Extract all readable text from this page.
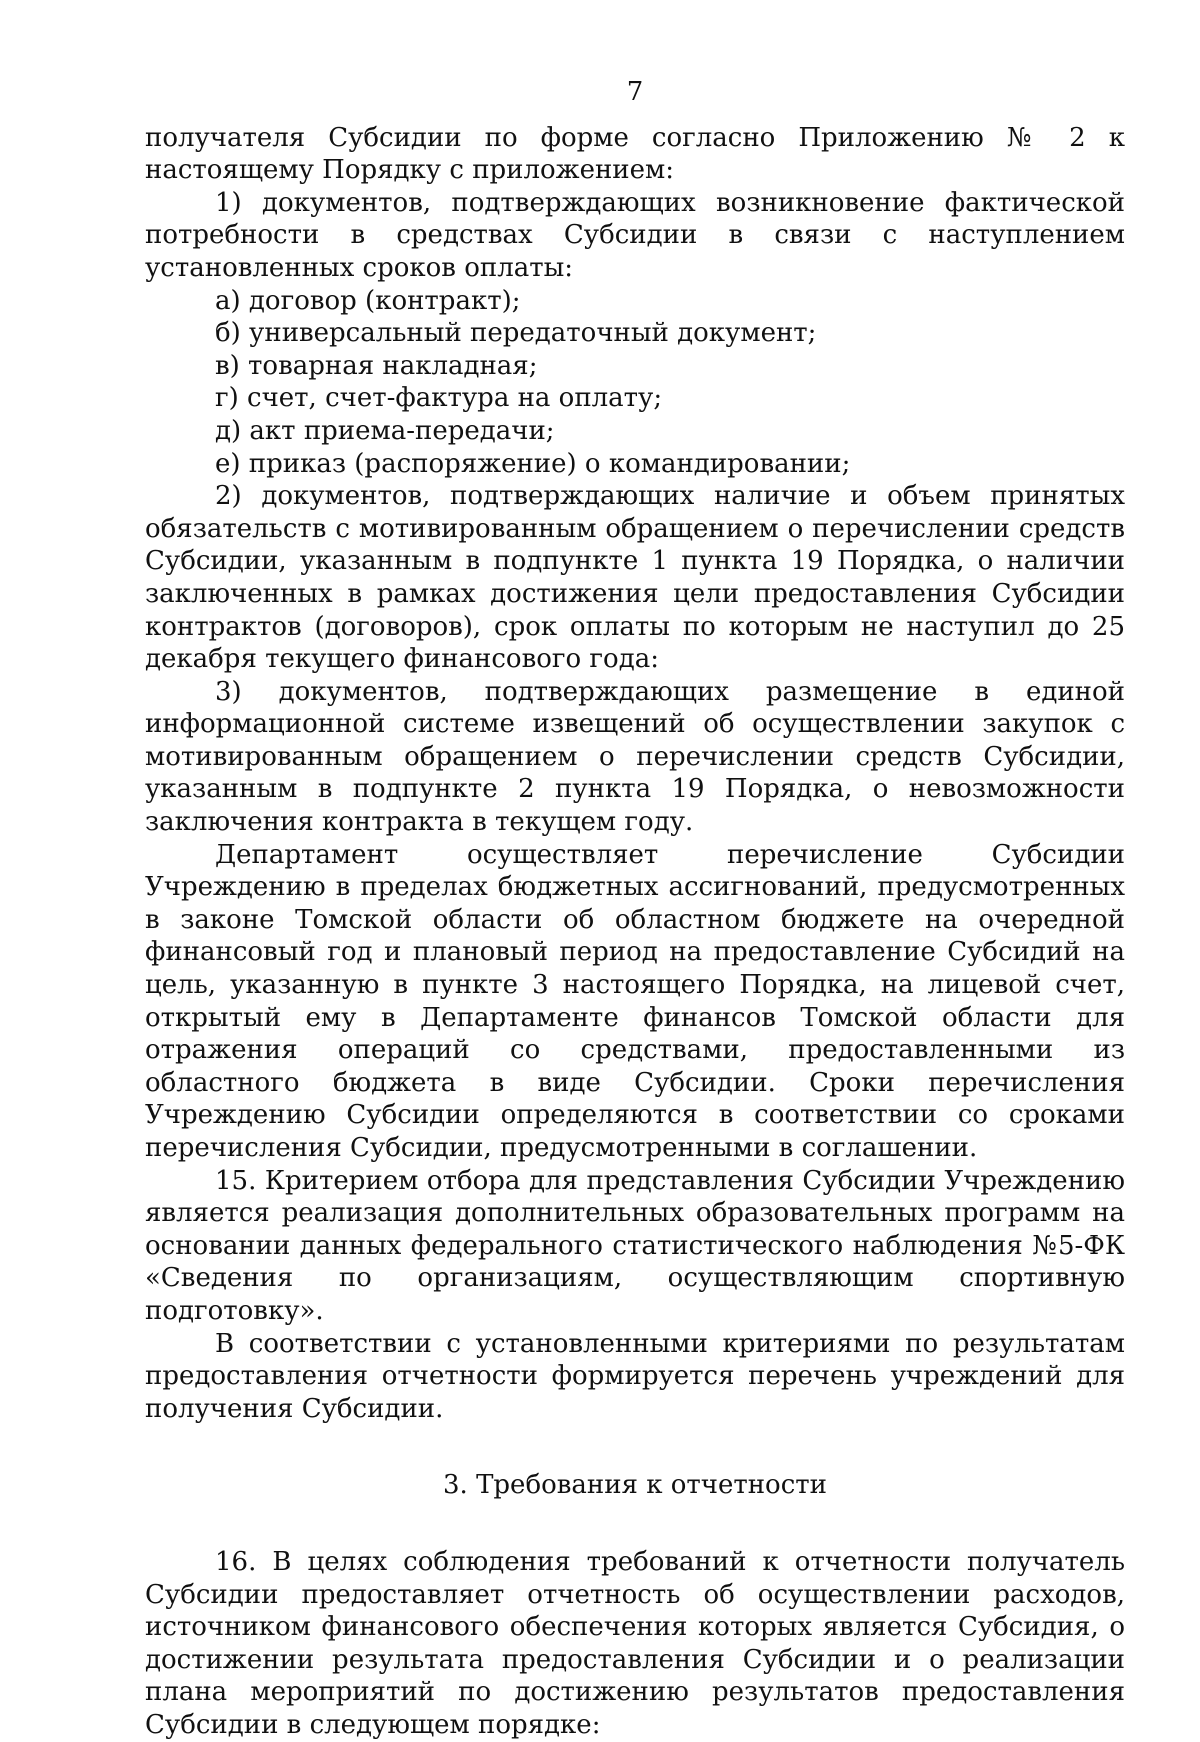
7

получателя Субсидии по форме согласно Приложению № 2 к настоящему Порядку с приложением:

1) документов, подтверждающих возникновение фактической потребности в средствах Субсидии в связи с наступлением установленных сроков оплаты:

а) договор (контракт);

б) универсальный передаточный документ;

в) товарная накладная;

г) счет, счет-фактура на оплату;

д) акт приема-передачи;

е) приказ (распоряжение) о командировании;

2) документов, подтверждающих наличие и объем принятых обязательств с мотивированным обращением о перечислении средств Субсидии, указанным в подпункте 1 пункта 19 Порядка, о наличии заключенных в рамках достижения цели предоставления Субсидии контрактов (договоров), срок оплаты по которым не наступил до 25 декабря текущего финансового года:

3) документов, подтверждающих размещение в единой информационной системе извещений об осуществлении закупок с мотивированным обращением о перечислении средств Субсидии, указанным в подпункте 2 пункта 19 Порядка, о невозможности заключения контракта в текущем году.

Департамент осуществляет перечисление Субсидии Учреждению в пределах бюджетных ассигнований, предусмотренных в законе Томской области об областном бюджете на очередной финансовый год и плановый период на предоставление Субсидий на цель, указанную в пункте 3 настоящего Порядка, на лицевой счет, открытый ему в Департаменте финансов Томской области для отражения операций со средствами, предоставленными из областного бюджета в виде Субсидии. Сроки перечисления Учреждению Субсидии определяются в соответствии со сроками перечисления Субсидии, предусмотренными в соглашении.

15. Критерием отбора для представления Субсидии Учреждению является реализация дополнительных образовательных программ на основании данных федерального статистического наблюдения №5-ФК «Сведения по организациям, осуществляющим спортивную подготовку».

В соответствии с установленными критериями по результатам предоставления отчетности формируется перечень учреждений для получения Субсидии.

3. Требования к отчетности

16. В целях соблюдения требований к отчетности получатель Субсидии предоставляет отчетность об осуществлении расходов, источником финансового обеспечения которых является Субсидия, о достижении результата предоставления Субсидии и о реализации плана мероприятий по достижению результатов предоставления Субсидии в следующем порядке:
